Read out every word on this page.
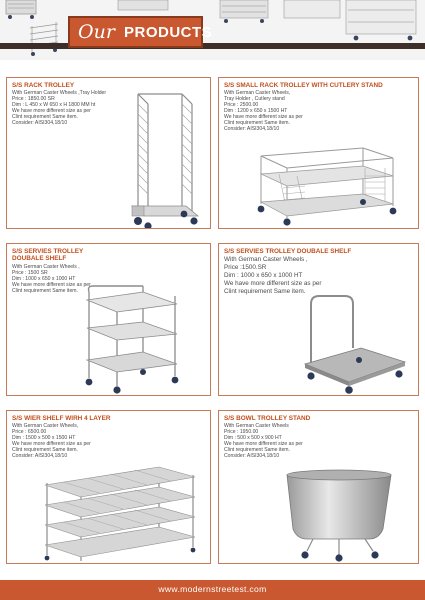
Our PRODUCTS
S/S RACK TROLLEY
With German Caster Wheels ,Tray Holder
Price : 1850.00 SR
Dim : L 450 x W 650 x H 1800 MM ht
We have more different size as per
Clint requirement Same item.
Consider: AISI304,18/10
S/S SMALL RACK TROLLEY WITH CUTLERY STAND
With German Caster Wheels,
Tray Holder , Cutlery stand
Price : 2500.00
Dim : 1200 x 650 x 1500 HT
We have more different size as per
Clint requirement Same item.
Consider: AISI304,18/10
S/S SERVIES TROLLEY
DOUBALE SHELF
With German Caster Wheels ,
Price : 1500 SR
Dim : 1000 x 650 x 1000 HT
We have more different size as per
Clint requirement Same item.
S/S SERVIES TROLLEY DOUBALE SHELF
With German Caster Wheels ,
Price :1500.SR
Dim : 1000 x 650 x 1000 HT
We have more different size as per
Clint requirement Same item.
S/S WIER SHELF WIRH 4 LAYER
With German Caster Wheels,
Price : 6500.00
Dim : 1500 x 500 x 1500 HT
We have more different size as per
Clint requirement Same item.
Consider: AISI304,18/10
S/S BOWL TROLLEY STAND
With German Caster Wheels
Price : 1950.00
Dim : 500 x 500 x 900 HT
We have more different size as per
Clint requirement Same item.
Consider: AISI304,18/10
www.modernstreetest.com
